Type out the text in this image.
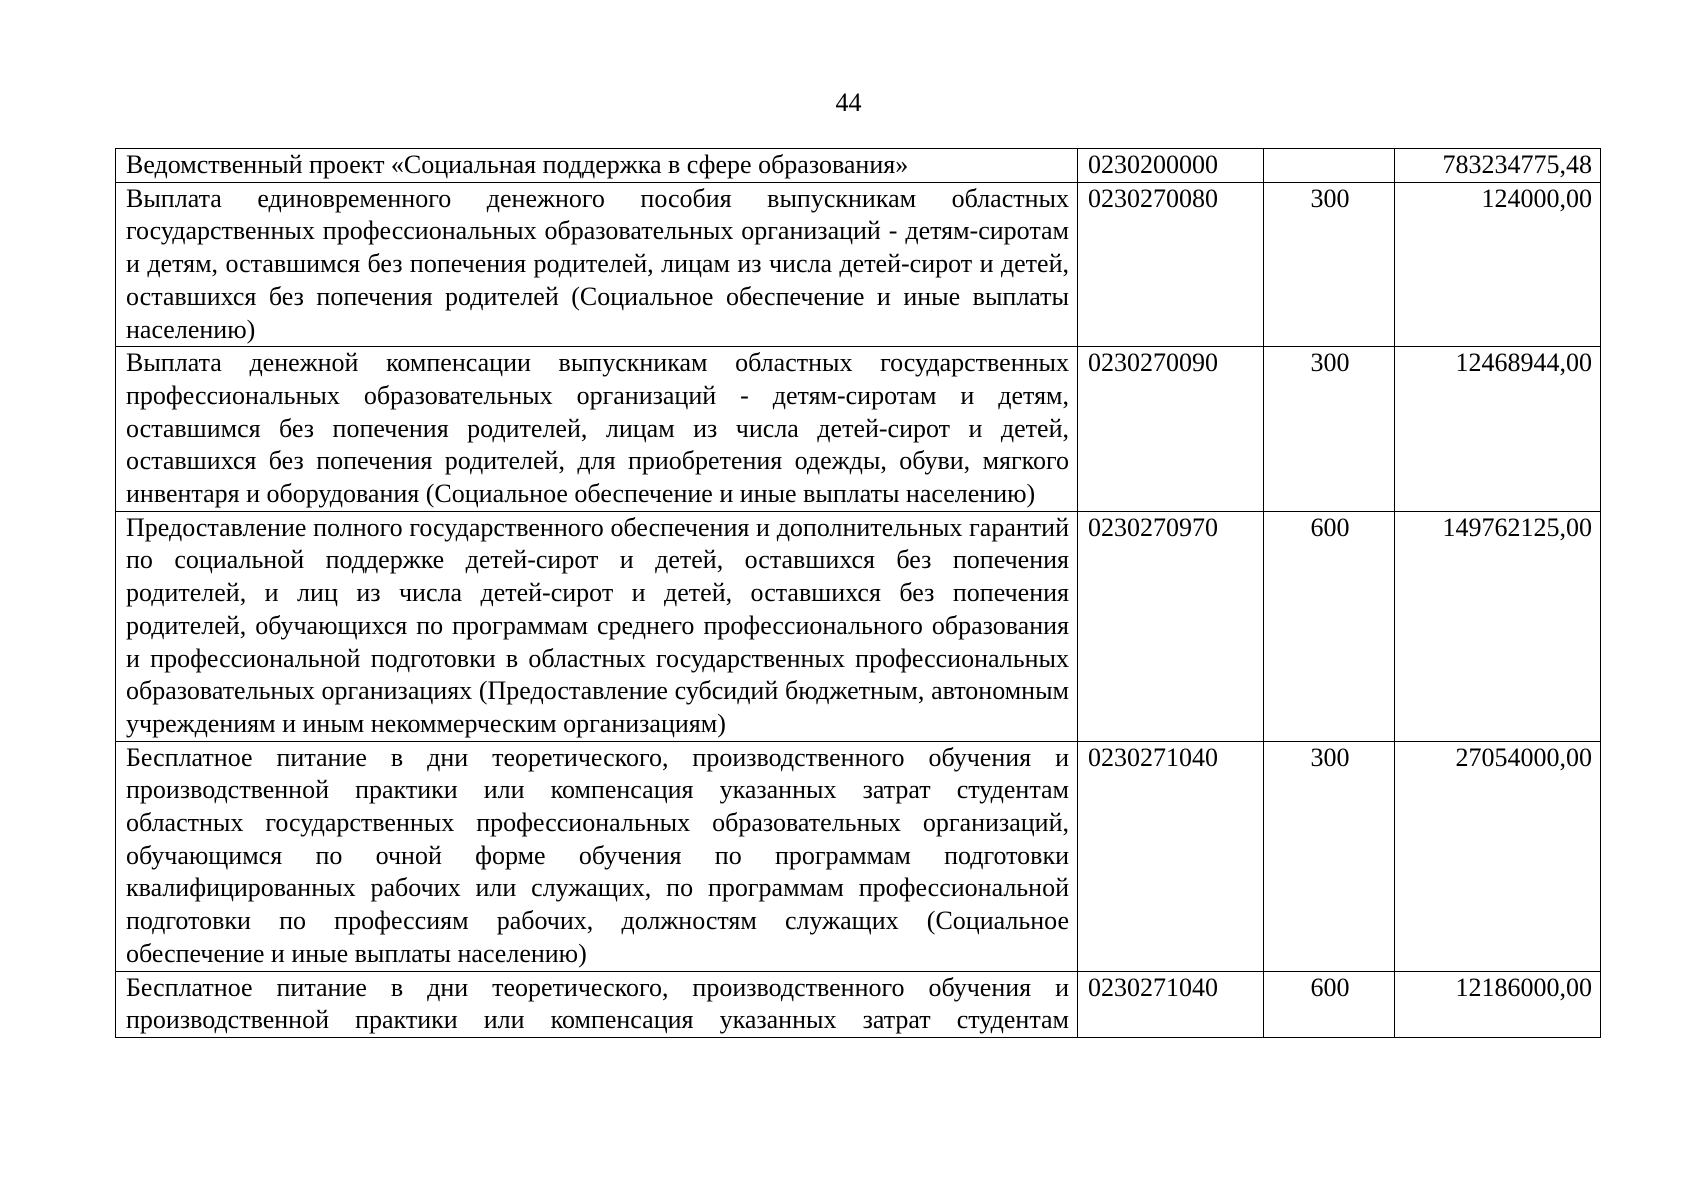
44
Ведомственный проект «Социальная поддержка в сфере образования»	0230200000		783234775,48
Выплата единовременного денежного пособия выпускникам областных государственных профессиональных образовательных организаций - детям-сиротам и детям, оставшимся без попечения родителей, лицам из числа детей-сирот и детей, оставшихся без попечения родителей (Социальное обеспечение и иные выплаты населению)	0230270080	300	124000,00
Выплата денежной компенсации выпускникам областных государственных профессиональных образовательных организаций - детям-сиротам и детям, оставшимся без попечения родителей, лицам из числа детей-сирот и детей, оставшихся без попечения родителей, для приобретения одежды, обуви, мягкого инвентаря и оборудования (Социальное обеспечение и иные выплаты населению)	0230270090	300	12468944,00
Предоставление полного государственного обеспечения и дополнительных гарантий по социальной поддержке детей-сирот и детей, оставшихся без попечения родителей, и лиц из числа детей-сирот и детей, оставшихся без попечения родителей, обучающихся по программам среднего профессионального образования и профессиональной подготовки в областных государственных профессиональных образовательных организациях (Предоставление субсидий бюджетным, автономным учреждениям и иным некоммерческим организациям)	0230270970	600	149762125,00
Бесплатное питание в дни теоретического, производственного обучения и производственной практики или компенсация указанных затрат студентам областных государственных профессиональных образовательных организаций, обучающимся по очной форме обучения по программам подготовки квалифицированных рабочих или служащих, по программам профессиональной подготовки по профессиям рабочих, должностям служащих (Социальное обеспечение и иные выплаты населению)	0230271040	300	27054000,00

Бесплатное питание в дни теоретического, производственного обучения и производственной практики или компенсация указанных затрат студентам	0230271040	600	12186000,00
